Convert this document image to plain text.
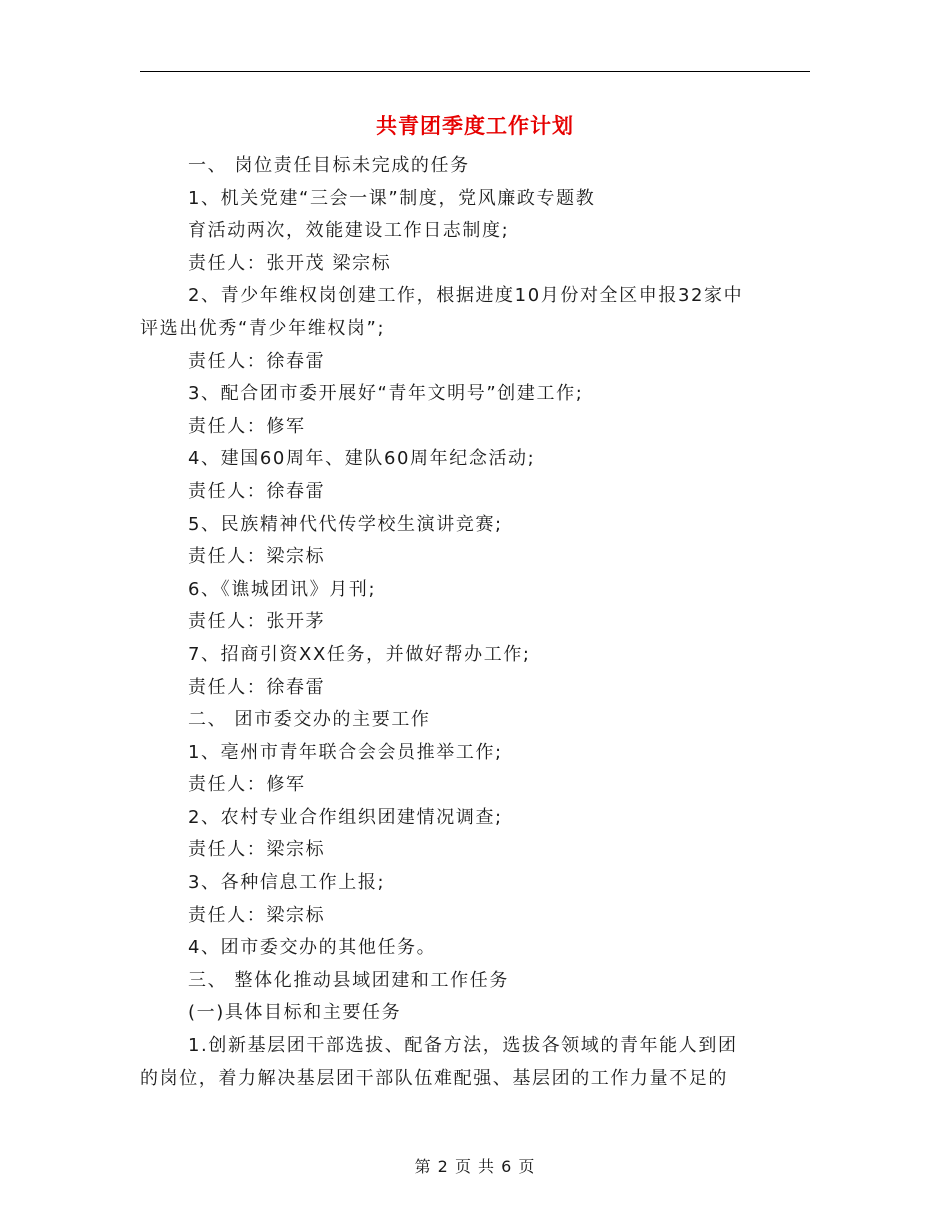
共青团季度工作计划
一、 岗位责任目标未完成的任务
1、机关党建“三会一课”制度，党风廉政专题教
育活动两次，效能建设工作日志制度;
责任人：张开茂 梁宗标
2、青少年维权岗创建工作，根据进度10月份对全区申报32家中
评选出优秀“青少年维权岗”;
责任人：徐春雷
3、配合团市委开展好“青年文明号”创建工作;
责任人：修军
4、建国60周年、建队60周年纪念活动;
责任人：徐春雷
5、民族精神代代传学校生演讲竞赛;
责任人：梁宗标
6、《谯城团讯》月刊;
责任人：张开茅
7、招商引资XX任务，并做好帮办工作;
责任人：徐春雷
二、 团市委交办的主要工作
1、亳州市青年联合会会员推举工作;
责任人：修军
2、农村专业合作组织团建情况调查;
责任人：梁宗标
3、各种信息工作上报;
责任人：梁宗标
4、团市委交办的其他任务。
三、 整体化推动县域团建和工作任务
(一)具体目标和主要任务
1.创新基层团干部选拔、配备方法，选拔各领域的青年能人到团
的岗位，着力解决基层团干部队伍难配强、基层团的工作力量不足的
第 2 页 共 6 页
